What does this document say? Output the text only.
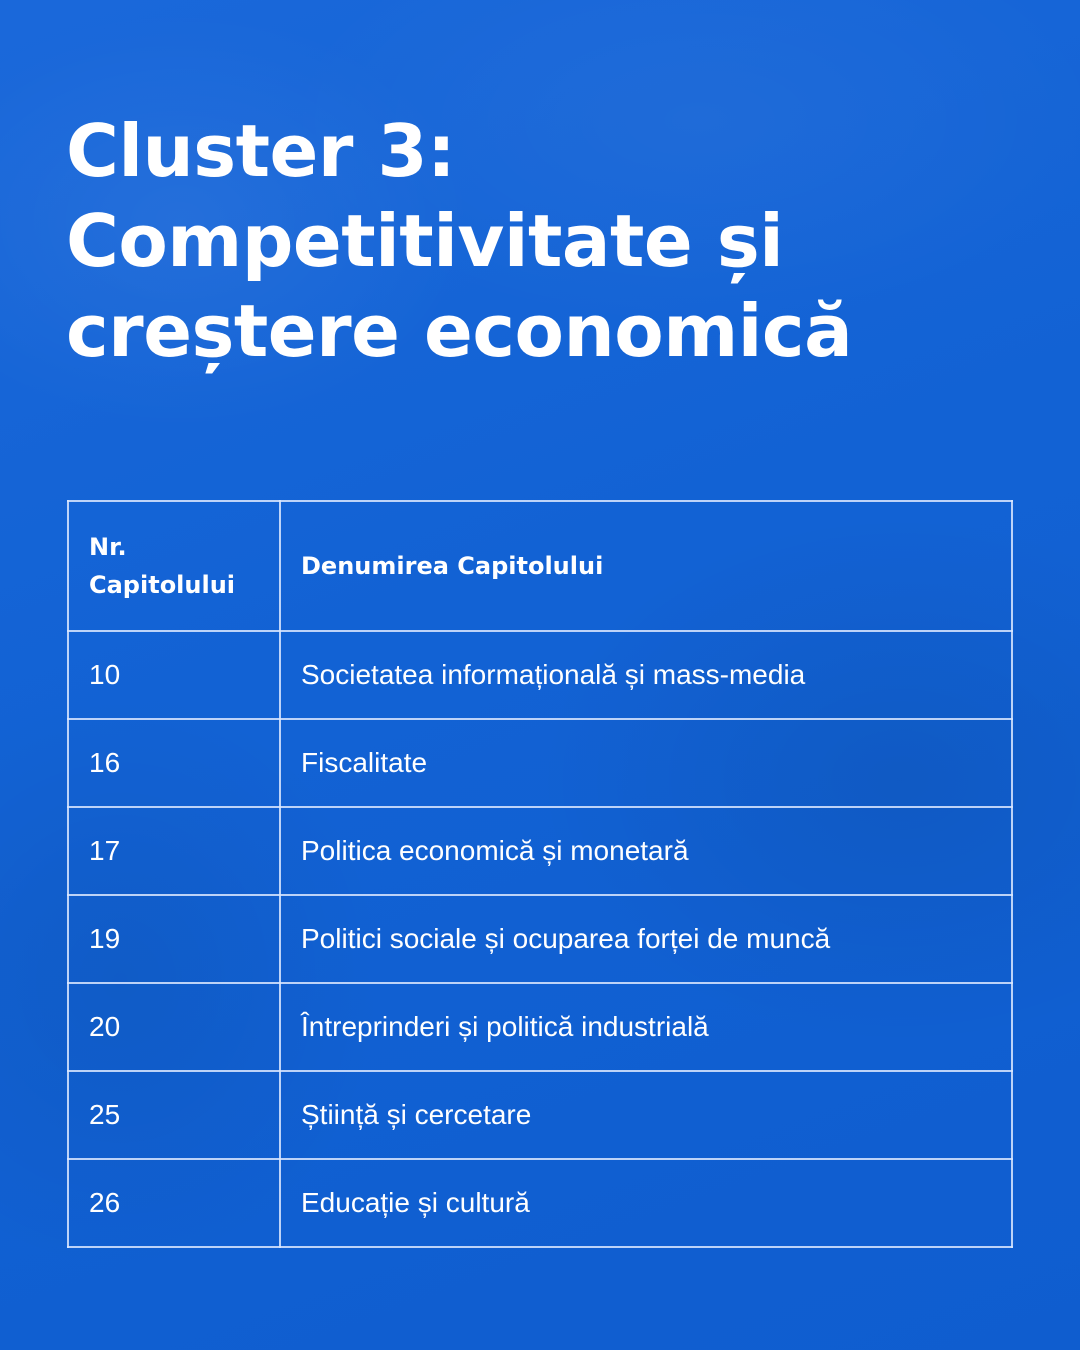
Cluster 3:
Competitivitate și
creștere economică
Nr.
Capitolului	Denumirea Capitolului
10	Societatea informațională și mass-media
16	Fiscalitate
17	Politica economică și monetară
19	Politici sociale și ocuparea forței de muncă
20	Întreprinderi și politică industrială
25	Știință și cercetare
26	Educație și cultură
